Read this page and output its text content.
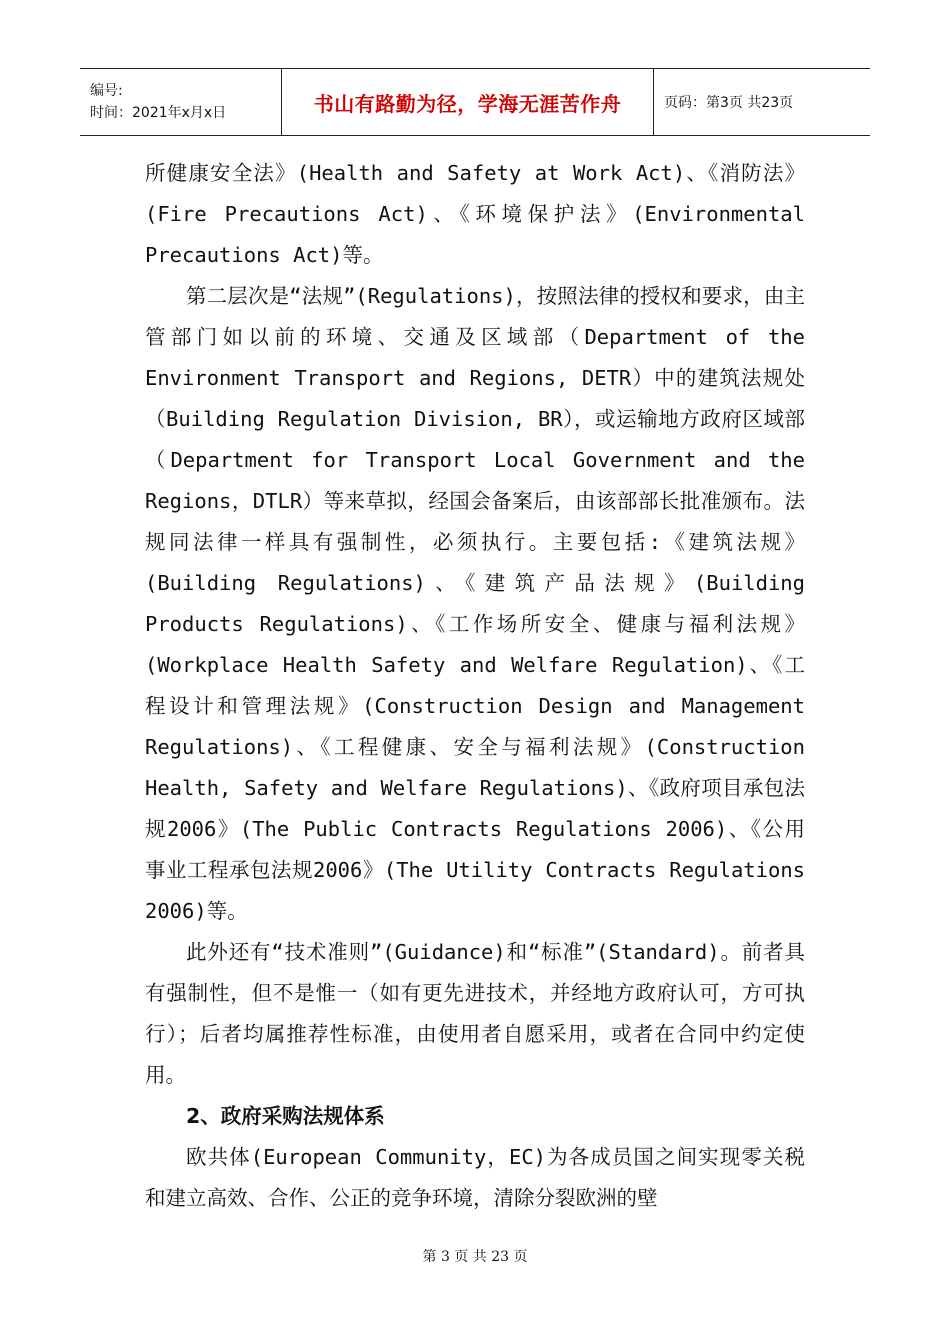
编号:
时间：2021年x月x日	书山有路勤为径，学海无涯苦作舟	页码：第3页 共23页

所健康安全法》(Health and Safety at Work Act)、《消防法》(Fire Precautions Act)、《环境保护法》(Environmental Precautions Act)等。

第二层次是“法规”(Regulations)，按照法律的授权和要求，由主管部门如以前的环境、交通及区域部（Department of the Environment Transport and Regions, DETR）中的建筑法规处（Building Regulation Division, BR），或运输地方政府区域部（Department for Transport Local Government and the Regions，DTLR）等来草拟，经国会备案后，由该部部长批准颁布。法规同法律一样具有强制性，必须执行。主要包括:《建筑法规》(Building Regulations)、《建筑产品法规》(Building Products Regulations)、《工作场所安全、健康与福利法规》(Workplace Health Safety and Welfare Regulation)、《工程设计和管理法规》(Construction Design and Management Regulations)、《工程健康、安全与福利法规》(Construction Health, Safety and Welfare Regulations)、《政府项目承包法规2006》(The Public Contracts Regulations 2006)、《公用事业工程承包法规2006》(The Utility Contracts Regulations 2006)等。

此外还有“技术准则”(Guidance)和“标准”(Standard)。前者具有强制性，但不是惟一（如有更先进技术，并经地方政府认可，方可执行）；后者均属推荐性标准，由使用者自愿采用，或者在合同中约定使用。

2、政府采购法规体系

欧共体(European Community，EC)为各成员国之间实现零关税和建立高效、合作、公正的竞争环境，清除分裂欧洲的壁

第 3 页 共 23 页
